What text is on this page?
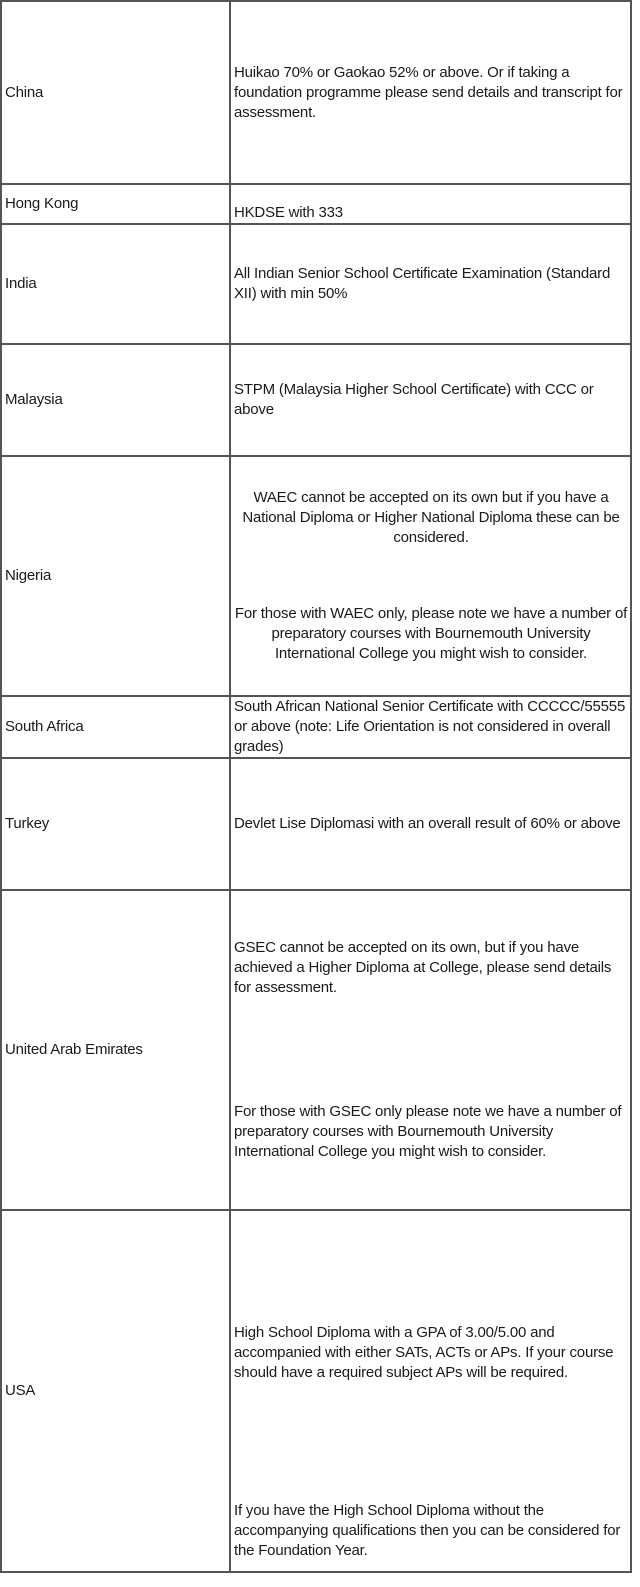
China	Huikao 70% or Gaokao 52% or above. Or if taking a foundation programme please send details and transcript for assessment.

Hong Kong	HKDSE with 333

India	All Indian Senior School Certificate Examination (Standard XII) with min 50%

Malaysia	STPM (Malaysia Higher School Certificate) with CCC or above

Nigeria	WAEC cannot be accepted on its own but if you have a National Diploma or Higher National Diploma these can be considered.

For those with WAEC only, please note we have a number of preparatory courses with Bournemouth University International College you might wish to consider.

South Africa	South African National Senior Certificate with CCCCC/55555 or above (note: Life Orientation is not considered in overall grades)

Turkey	Devlet Lise Diplomasi with an overall result of 60% or above

United Arab Emirates	GSEC cannot be accepted on its own, but if you have achieved a Higher Diploma at College, please send details for assessment.

For those with GSEC only please note we have a number of preparatory courses with Bournemouth University International College you might wish to consider.

USA	High School Diploma with a GPA of 3.00/5.00 and accompanied with either SATs, ACTs or APs. If your course should have a required subject APs will be required.

If you have the High School Diploma without the accompanying qualifications then you can be considered for the Foundation Year.
